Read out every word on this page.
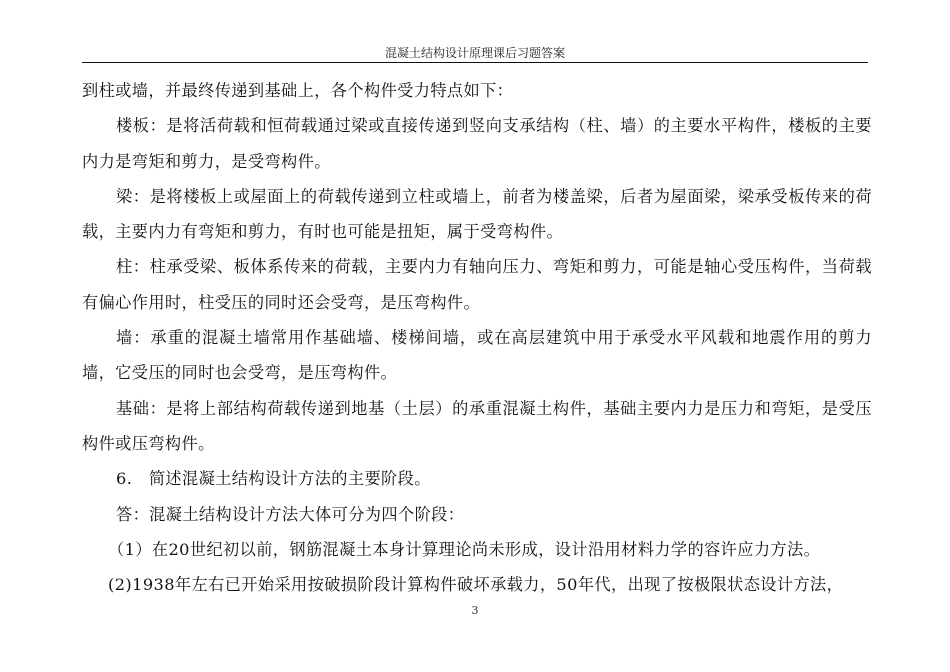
混凝土结构设计原理课后习题答案

到柱或墙，并最终传递到基础上，各个构件受力特点如下：

楼板：是将活荷载和恒荷载通过梁或直接传递到竖向支承结构（柱、墙）的主要水平构件，楼板的主要内力是弯矩和剪力，是受弯构件。

梁：是将楼板上或屋面上的荷载传递到立柱或墙上，前者为楼盖梁，后者为屋面梁，梁承受板传来的荷载，主要内力有弯矩和剪力，有时也可能是扭矩，属于受弯构件。

柱：柱承受梁、板体系传来的荷载，主要内力有轴向压力、弯矩和剪力，可能是轴心受压构件，当荷载有偏心作用时，柱受压的同时还会受弯，是压弯构件。

墙：承重的混凝土墙常用作基础墙、楼梯间墙，或在高层建筑中用于承受水平风载和地震作用的剪力墙，它受压的同时也会受弯，是压弯构件。

基础：是将上部结构荷载传递到地基（土层）的承重混凝土构件，基础主要内力是压力和弯矩，是受压构件或压弯构件。

6.　简述混凝土结构设计方法的主要阶段。

答：混凝土结构设计方法大体可分为四个阶段：

（1）在20世纪初以前，钢筋混凝土本身计算理论尚未形成，设计沿用材料力学的容许应力方法。

(2)1938年左右已开始采用按破损阶段计算构件破坏承载力，50年代，出现了按极限状态设计方法，

3
